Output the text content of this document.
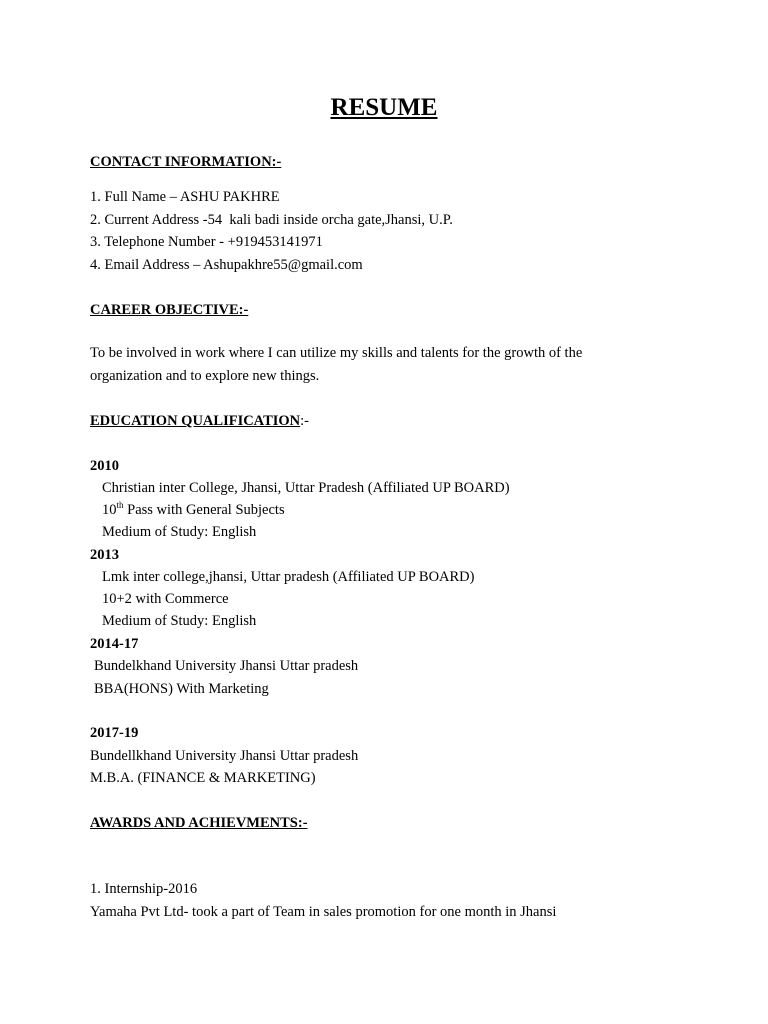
RESUME
CONTACT INFORMATION:-
1. Full Name – ASHU PAKHRE
2. Current Address -54  kali badi inside orcha gate,Jhansi, U.P.
3. Telephone Number - +919453141971
4. Email Address – Ashupakhre55@gmail.com
CAREER OBJECTIVE:-
To be involved in work where I can utilize my skills and talents for the growth of the organization and to explore new things.
EDUCATION QUALIFICATION:-
2010
Christian inter College, Jhansi, Uttar Pradesh (Affiliated UP BOARD)
10th Pass with General Subjects
Medium of Study: English
2013
Lmk inter college,jhansi, Uttar pradesh (Affiliated UP BOARD)
10+2 with Commerce
Medium of Study: English
2014-17
Bundelkhand University Jhansi Uttar pradesh
BBA(HONS) With Marketing
2017-19
Bundellkhand University Jhansi Uttar pradesh
M.B.A. (FINANCE & MARKETING)
AWARDS AND ACHIEVMENTS:-
1. Internship-2016
Yamaha Pvt Ltd- took a part of Team in sales promotion for one month in Jhansi
